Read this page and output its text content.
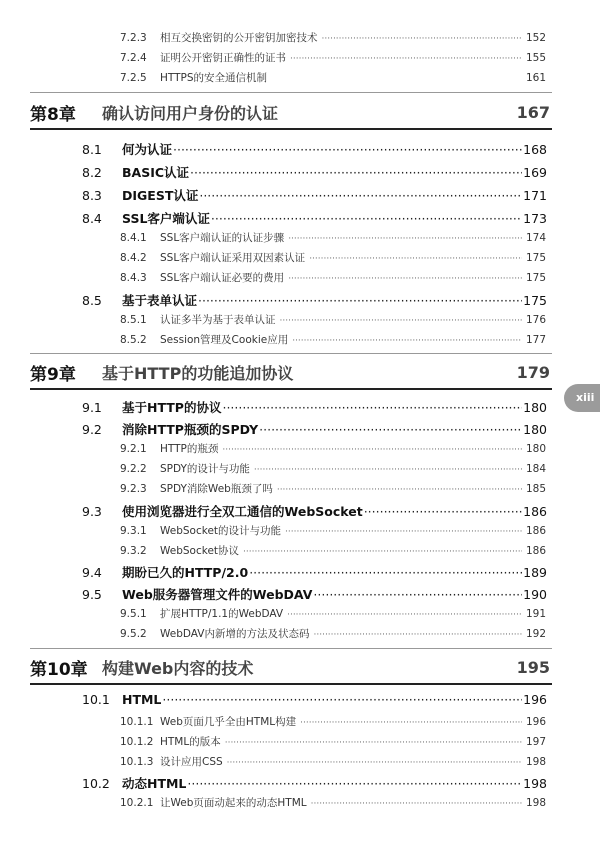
7.2.3	相互交换密钥的公开密钥加密技术 ·····	152
7.2.4	证明公开密钥正确性的证书 ·····	155
7.2.5	HTTPS的安全通信机制	161
第8章	确认访问用户身份的认证	167
8.1	何为认证 ·····	168
8.2	BASIC认证 ·····	169
8.3	DIGEST认证 ·····	171
8.4	SSL客户端认证 ·····	173
8.4.1	SSL客户端认证的认证步骤 ·····	174
8.4.2	SSL客户端认证采用双因素认证 ·····	175
8.4.3	SSL客户端认证必要的费用 ·····	175
8.5	基于表单认证 ·····	175
8.5.1	认证多半为基于表单认证 ·····	176
8.5.2	Session管理及Cookie应用 ·····	177
第9章	基于HTTP的功能追加协议	179
xiii
9.1	基于HTTP的协议 ·····	180
9.2	消除HTTP瓶颈的SPDY ·····	180
9.2.1	HTTP的瓶颈 ·····	180
9.2.2	SPDY的设计与功能 ·····	184
9.2.3	SPDY消除Web瓶颈了吗 ·····	185
9.3	使用浏览器进行全双工通信的WebSocket ·····	186
9.3.1	WebSocket的设计与功能 ·····	186
9.3.2	WebSocket协议 ·····	186
9.4	期盼已久的HTTP/2.0 ·····	189
9.5	Web服务器管理文件的WebDAV ·····	190
9.5.1	扩展HTTP/1.1的WebDAV ·····	191
9.5.2	WebDAV内新增的方法及状态码 ·····	192
第10章 构建Web内容的技术	195
10.1 HTML ·····	196
10.1.1 Web页面几乎全由HTML构建 ·····	196
10.1.2 HTML的版本 ·····	197
10.1.3 设计应用CSS ·····	198
10.2 动态HTML ·····	198
10.2.1 让Web页面动起来的动态HTML ·····	198
